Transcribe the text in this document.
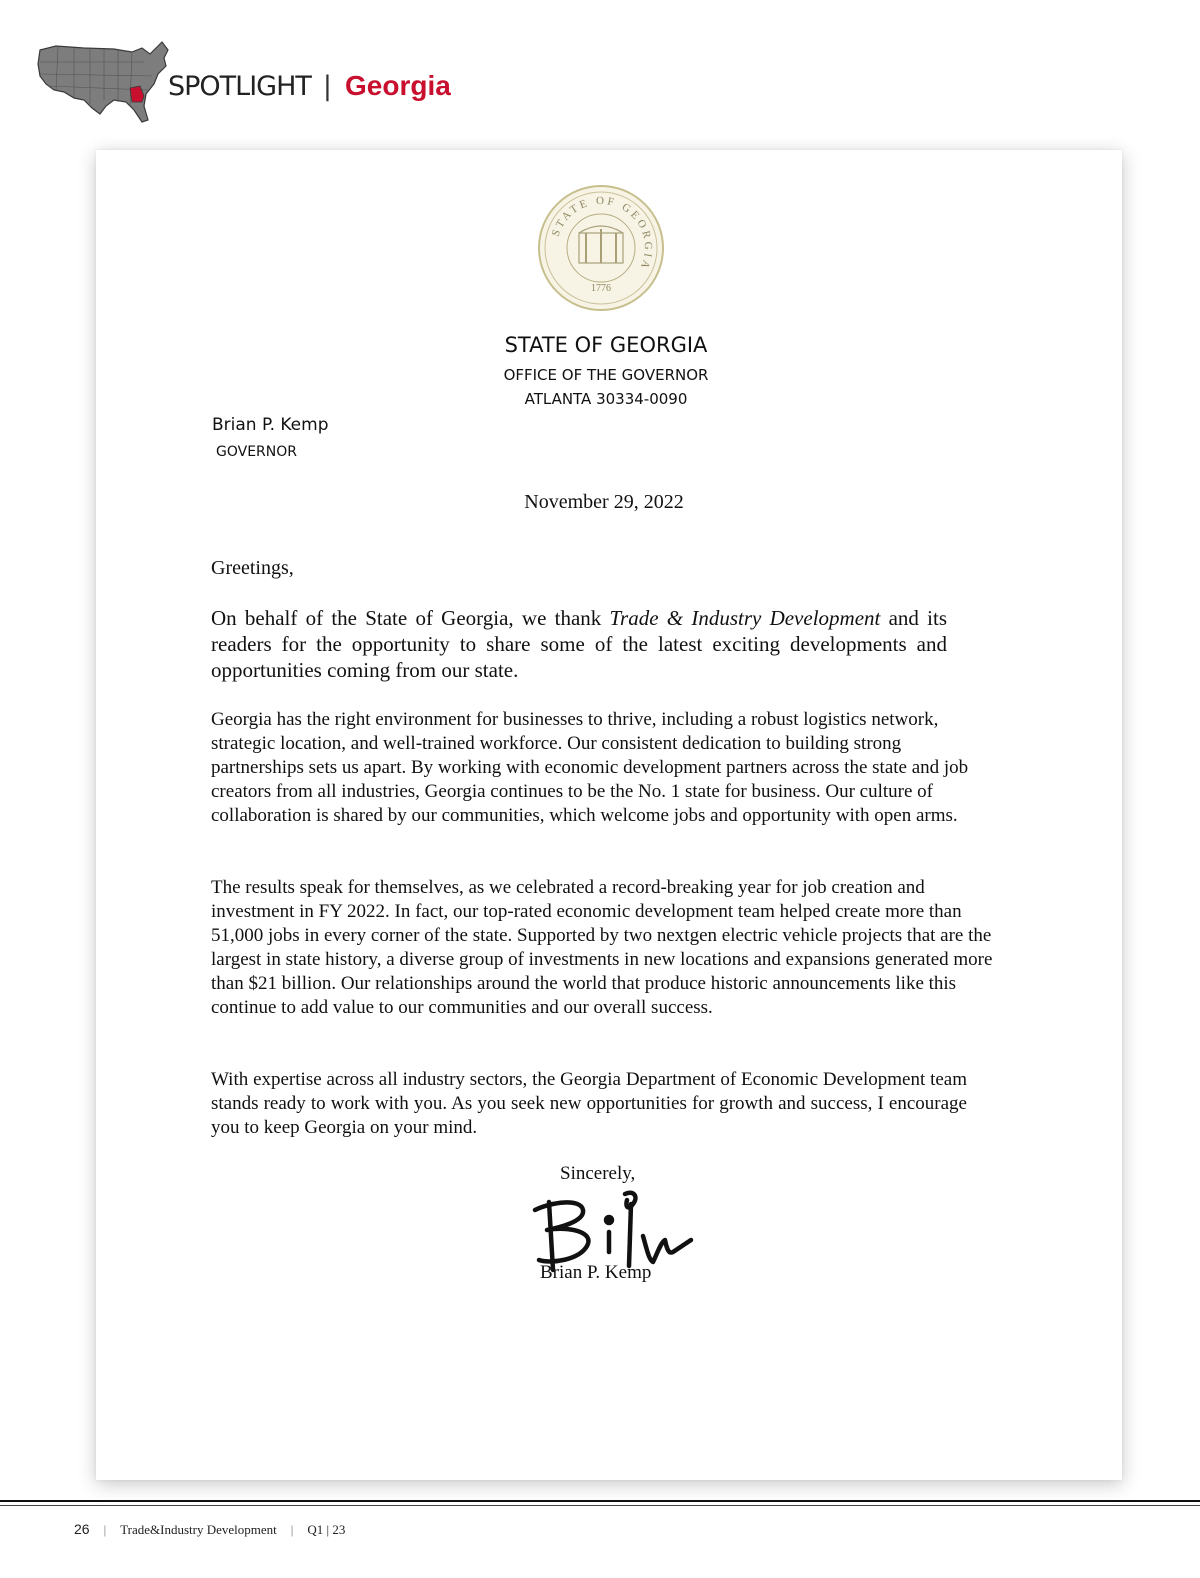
SPOTLIGHT | Georgia
STATE OF GEORGIA
1776
STATE OF GEORGIA
OFFICE OF THE GOVERNOR
ATLANTA 30334-0090
Brian P. Kemp
GOVERNOR
November 29, 2022
Greetings,

On behalf of the State of Georgia, we thank Trade & Industry Development and its readers for the opportunity to share some of the latest exciting developments and opportunities coming from our state.

Georgia has the right environment for businesses to thrive, including a robust logistics network, strategic location, and well-trained workforce. Our consistent dedication to building strong partnerships sets us apart. By working with economic development partners across the state and job creators from all industries, Georgia continues to be the No. 1 state for business. Our culture of collaboration is shared by our communities, which welcome jobs and opportunity with open arms.

The results speak for themselves, as we celebrated a record-breaking year for job creation and investment in FY 2022. In fact, our top-rated economic development team helped create more than 51,000 jobs in every corner of the state. Supported by two nextgen electric vehicle projects that are the largest in state history, a diverse group of investments in new locations and expansions generated more than $21 billion. Our relationships around the world that produce historic announcements like this continue to add value to our communities and our overall success.

With expertise across all industry sectors, the Georgia Department of Economic Development team stands ready to work with you. As you seek new opportunities for growth and success, I encourage you to keep Georgia on your mind.

Sincerely,
Brian P. Kemp
26 | Trade&Industry Development | Q1 | 23
